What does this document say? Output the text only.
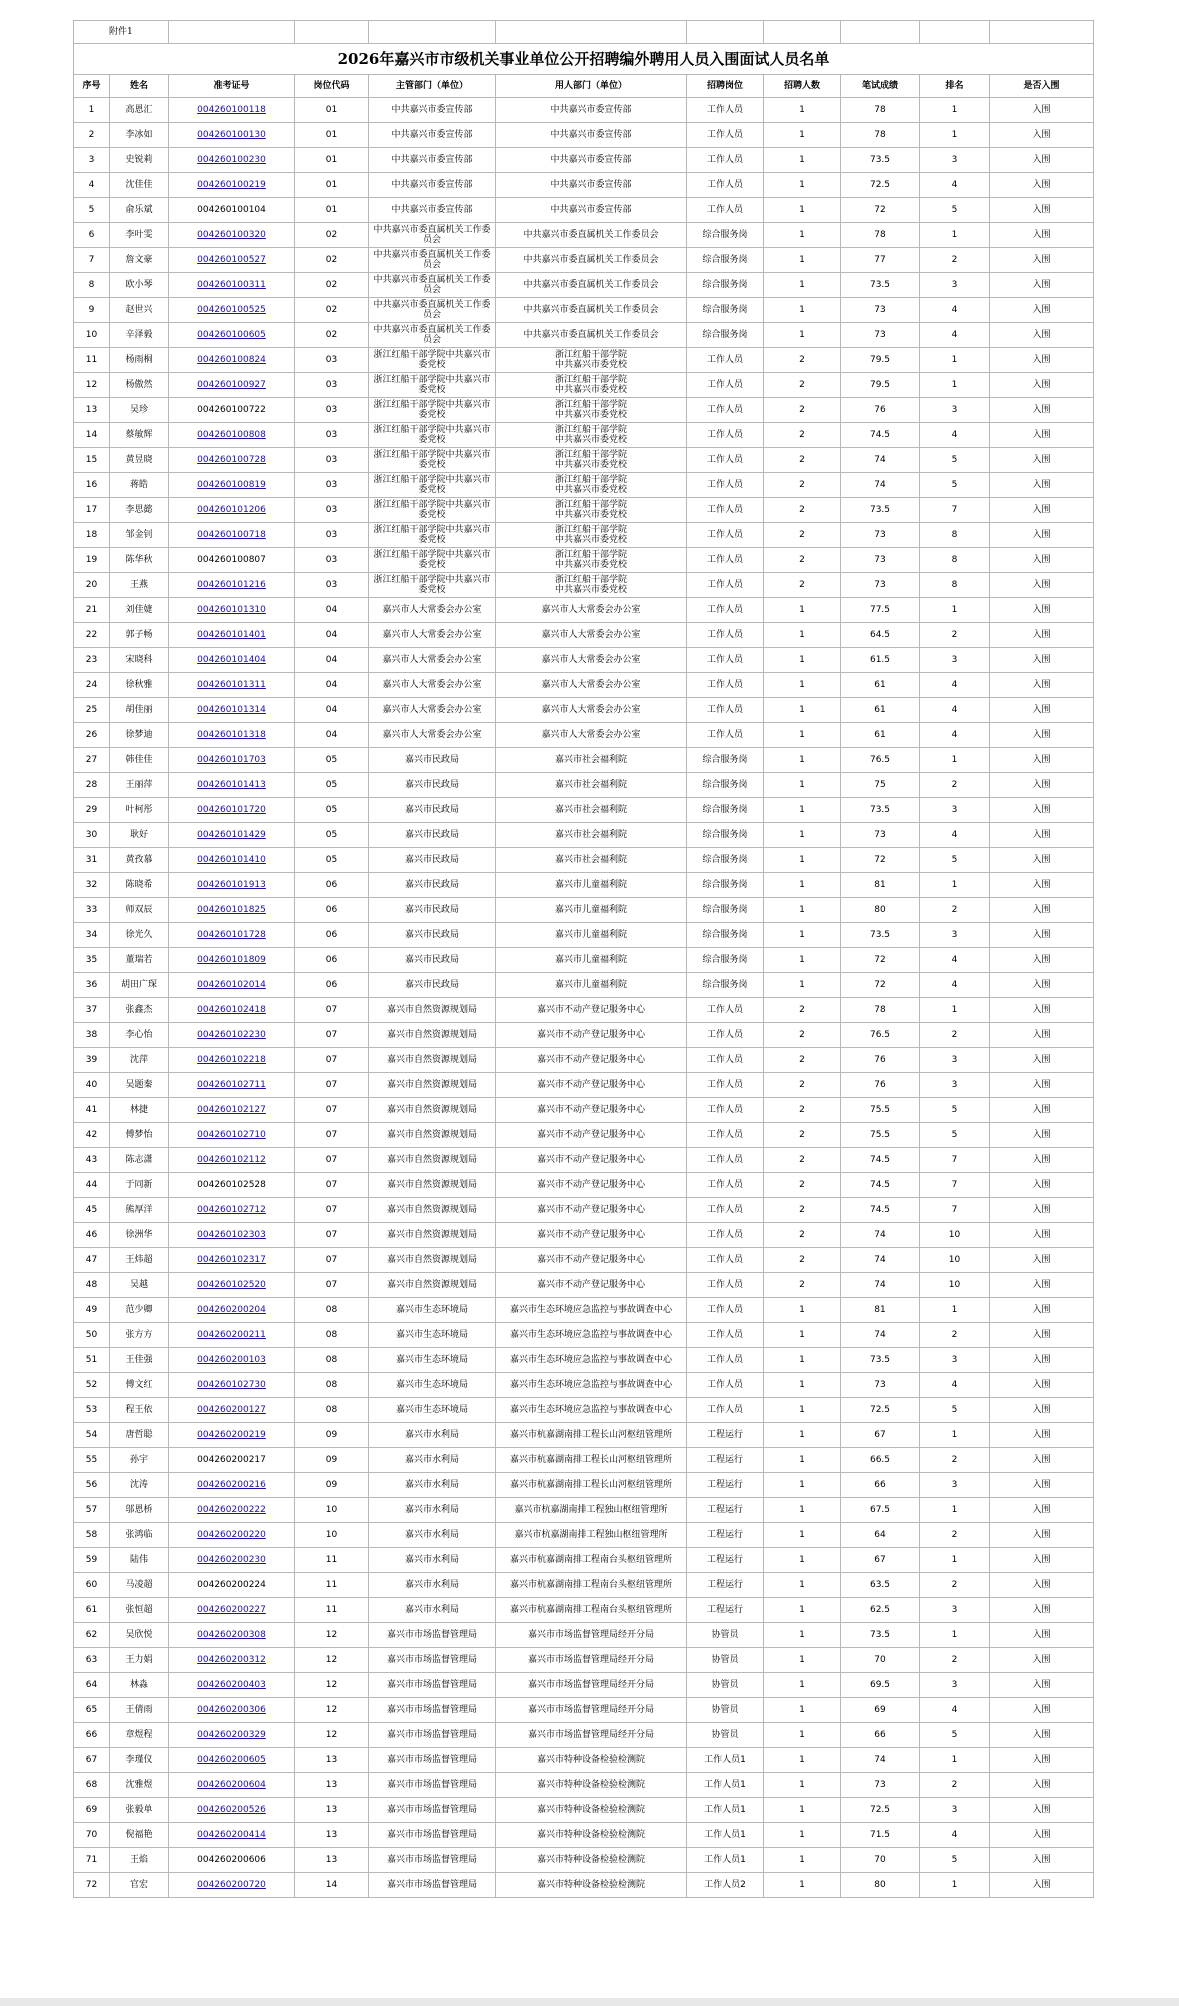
附件1										
2026年嘉兴市市级机关事业单位公开招聘编外聘用人员入围面试人员名单										
序号	姓名	准考证号	岗位代码	主管部门（单位）	用人部门（单位）	招聘岗位	招聘人数	笔试成绩	排名	是否入围
1	高恩汇	004260100118	01	中共嘉兴市委宣传部	中共嘉兴市委宣传部	工作人员	1	78	1	入围
2	李冰如	004260100130	01	中共嘉兴市委宣传部	中共嘉兴市委宣传部	工作人员	1	78	1	入围
3	史锐莉	004260100230	01	中共嘉兴市委宣传部	中共嘉兴市委宣传部	工作人员	1	73.5	3	入围
4	沈佳佳	004260100219	01	中共嘉兴市委宣传部	中共嘉兴市委宣传部	工作人员	1	72.5	4	入围
5	俞乐斌	004260100104	01	中共嘉兴市委宣传部	中共嘉兴市委宣传部	工作人员	1	72	5	入围
6	李叶雯	004260100320	02	中共嘉兴市委直属机关工作委员会	中共嘉兴市委直属机关工作委员会	综合服务岗	1	78	1	入围
7	詹文豪	004260100527	02	中共嘉兴市委直属机关工作委员会	中共嘉兴市委直属机关工作委员会	综合服务岗	1	77	2	入围
8	欧小琴	004260100311	02	中共嘉兴市委直属机关工作委员会	中共嘉兴市委直属机关工作委员会	综合服务岗	1	73.5	3	入围
9	赵世兴	004260100525	02	中共嘉兴市委直属机关工作委员会	中共嘉兴市委直属机关工作委员会	综合服务岗	1	73	4	入围
10	辛泽毅	004260100605	02	中共嘉兴市委直属机关工作委员会	中共嘉兴市委直属机关工作委员会	综合服务岗	1	73	4	入围
11	杨雨桐	004260100824	03	浙江红船干部学院中共嘉兴市委党校	浙江红船干部学院
中共嘉兴市委党校	工作人员	2	79.5	1	入围
12	杨傲然	004260100927	03	浙江红船干部学院中共嘉兴市委党校	浙江红船干部学院
中共嘉兴市委党校	工作人员	2	79.5	1	入围
13	吴珍	004260100722	03	浙江红船干部学院中共嘉兴市委党校	浙江红船干部学院
中共嘉兴市委党校	工作人员	2	76	3	入围
14	蔡敏辉	004260100808	03	浙江红船干部学院中共嘉兴市委党校	浙江红船干部学院
中共嘉兴市委党校	工作人员	2	74.5	4	入围
15	黄昱晓	004260100728	03	浙江红船干部学院中共嘉兴市委党校	浙江红船干部学院
中共嘉兴市委党校	工作人员	2	74	5	入围
16	蒋皓	004260100819	03	浙江红船干部学院中共嘉兴市委党校	浙江红船干部学院
中共嘉兴市委党校	工作人员	2	74	5	入围
17	李思懿	004260101206	03	浙江红船干部学院中共嘉兴市委党校	浙江红船干部学院
中共嘉兴市委党校	工作人员	2	73.5	7	入围
18	邹金钊	004260100718	03	浙江红船干部学院中共嘉兴市委党校	浙江红船干部学院
中共嘉兴市委党校	工作人员	2	73	8	入围
19	陈华秋	004260100807	03	浙江红船干部学院中共嘉兴市委党校	浙江红船干部学院
中共嘉兴市委党校	工作人员	2	73	8	入围
20	王燕	004260101216	03	浙江红船干部学院中共嘉兴市委党校	浙江红船干部学院
中共嘉兴市委党校	工作人员	2	73	8	入围
21	刘佳婕	004260101310	04	嘉兴市人大常委会办公室	嘉兴市人大常委会办公室	工作人员	1	77.5	1	入围
22	郭子畅	004260101401	04	嘉兴市人大常委会办公室	嘉兴市人大常委会办公室	工作人员	1	64.5	2	入围
23	宋晓科	004260101404	04	嘉兴市人大常委会办公室	嘉兴市人大常委会办公室	工作人员	1	61.5	3	入围
24	徐秋雅	004260101311	04	嘉兴市人大常委会办公室	嘉兴市人大常委会办公室	工作人员	1	61	4	入围
25	胡佳丽	004260101314	04	嘉兴市人大常委会办公室	嘉兴市人大常委会办公室	工作人员	1	61	4	入围
26	徐梦迪	004260101318	04	嘉兴市人大常委会办公室	嘉兴市人大常委会办公室	工作人员	1	61	4	入围
27	韩佳佳	004260101703	05	嘉兴市民政局	嘉兴市社会福利院	综合服务岗	1	76.5	1	入围
28	王丽萍	004260101413	05	嘉兴市民政局	嘉兴市社会福利院	综合服务岗	1	75	2	入围
29	叶柯彤	004260101720	05	嘉兴市民政局	嘉兴市社会福利院	综合服务岗	1	73.5	3	入围
30	耿好	004260101429	05	嘉兴市民政局	嘉兴市社会福利院	综合服务岗	1	73	4	入围
31	黄孜慕	004260101410	05	嘉兴市民政局	嘉兴市社会福利院	综合服务岗	1	72	5	入围
32	陈晓希	004260101913	06	嘉兴市民政局	嘉兴市儿童福利院	综合服务岗	1	81	1	入围
33	师双辰	004260101825	06	嘉兴市民政局	嘉兴市儿童福利院	综合服务岗	1	80	2	入围
34	徐光久	004260101728	06	嘉兴市民政局	嘉兴市儿童福利院	综合服务岗	1	73.5	3	入围
35	董瑞若	004260101809	06	嘉兴市民政局	嘉兴市儿童福利院	综合服务岗	1	72	4	入围
36	胡田广琛	004260102014	06	嘉兴市民政局	嘉兴市儿童福利院	综合服务岗	1	72	4	入围
37	张鑫杰	004260102418	07	嘉兴市自然资源规划局	嘉兴市不动产登记服务中心	工作人员	2	78	1	入围
38	李心怡	004260102230	07	嘉兴市自然资源规划局	嘉兴市不动产登记服务中心	工作人员	2	76.5	2	入围
39	沈萍	004260102218	07	嘉兴市自然资源规划局	嘉兴市不动产登记服务中心	工作人员	2	76	3	入围
40	吴题秦	004260102711	07	嘉兴市自然资源规划局	嘉兴市不动产登记服务中心	工作人员	2	76	3	入围
41	林捷	004260102127	07	嘉兴市自然资源规划局	嘉兴市不动产登记服务中心	工作人员	2	75.5	5	入围
42	傅梦怡	004260102710	07	嘉兴市自然资源规划局	嘉兴市不动产登记服务中心	工作人员	2	75.5	5	入围
43	陈志潇	004260102112	07	嘉兴市自然资源规划局	嘉兴市不动产登记服务中心	工作人员	2	74.5	7	入围
44	于同新	004260102528	07	嘉兴市自然资源规划局	嘉兴市不动产登记服务中心	工作人员	2	74.5	7	入围
45	熊厚洋	004260102712	07	嘉兴市自然资源规划局	嘉兴市不动产登记服务中心	工作人员	2	74.5	7	入围
46	徐洲华	004260102303	07	嘉兴市自然资源规划局	嘉兴市不动产登记服务中心	工作人员	2	74	10	入围
47	王炜超	004260102317	07	嘉兴市自然资源规划局	嘉兴市不动产登记服务中心	工作人员	2	74	10	入围
48	吴越	004260102520	07	嘉兴市自然资源规划局	嘉兴市不动产登记服务中心	工作人员	2	74	10	入围
49	范少卿	004260200204	08	嘉兴市生态环境局	嘉兴市生态环境应急监控与事故调查中心	工作人员	1	81	1	入围
50	张方方	004260200211	08	嘉兴市生态环境局	嘉兴市生态环境应急监控与事故调查中心	工作人员	1	74	2	入围
51	王佳强	004260200103	08	嘉兴市生态环境局	嘉兴市生态环境应急监控与事故调查中心	工作人员	1	73.5	3	入围
52	傅文红	004260102730	08	嘉兴市生态环境局	嘉兴市生态环境应急监控与事故调查中心	工作人员	1	73	4	入围
53	程王依	004260200127	08	嘉兴市生态环境局	嘉兴市生态环境应急监控与事故调查中心	工作人员	1	72.5	5	入围
54	唐哲聪	004260200219	09	嘉兴市水利局	嘉兴市杭嘉湖南排工程长山河枢纽管理所	工程运行	1	67	1	入围
55	孙宇	004260200217	09	嘉兴市水利局	嘉兴市杭嘉湖南排工程长山河枢纽管理所	工程运行	1	66.5	2	入围
56	沈涛	004260200216	09	嘉兴市水利局	嘉兴市杭嘉湖南排工程长山河枢纽管理所	工程运行	1	66	3	入围
57	邬恩桥	004260200222	10	嘉兴市水利局	嘉兴市杭嘉湖南排工程独山枢纽管理所	工程运行	1	67.5	1	入围
58	张鸿临	004260200220	10	嘉兴市水利局	嘉兴市杭嘉湖南排工程独山枢纽管理所	工程运行	1	64	2	入围
59	陆伟	004260200230	11	嘉兴市水利局	嘉兴市杭嘉湖南排工程南台头枢纽管理所	工程运行	1	67	1	入围
60	马凌超	004260200224	11	嘉兴市水利局	嘉兴市杭嘉湖南排工程南台头枢纽管理所	工程运行	1	63.5	2	入围
61	张恒超	004260200227	11	嘉兴市水利局	嘉兴市杭嘉湖南排工程南台头枢纽管理所	工程运行	1	62.5	3	入围
62	吴欣悦	004260200308	12	嘉兴市市场监督管理局	嘉兴市市场监督管理局经开分局	协管员	1	73.5	1	入围
63	王力娟	004260200312	12	嘉兴市市场监督管理局	嘉兴市市场监督管理局经开分局	协管员	1	70	2	入围
64	林淼	004260200403	12	嘉兴市市场监督管理局	嘉兴市市场监督管理局经开分局	协管员	1	69.5	3	入围
65	王倩雨	004260200306	12	嘉兴市市场监督管理局	嘉兴市市场监督管理局经开分局	协管员	1	69	4	入围
66	章煜程	004260200329	12	嘉兴市市场监督管理局	嘉兴市市场监督管理局经开分局	协管员	1	66	5	入围
67	李瑾仪	004260200605	13	嘉兴市市场监督管理局	嘉兴市特种设备检验检测院	工作人员1	1	74	1	入围
68	沈雅煜	004260200604	13	嘉兴市市场监督管理局	嘉兴市特种设备检验检测院	工作人员1	1	73	2	入围
69	张毅单	004260200526	13	嘉兴市市场监督管理局	嘉兴市特种设备检验检测院	工作人员1	1	72.5	3	入围
70	倪福艳	004260200414	13	嘉兴市市场监督管理局	嘉兴市特种设备检验检测院	工作人员1	1	71.5	4	入围
71	王焰	004260200606	13	嘉兴市市场监督管理局	嘉兴市特种设备检验检测院	工作人员1	1	70	5	入围
72	官宏	004260200720	14	嘉兴市市场监督管理局	嘉兴市特种设备检验检测院	工作人员2	1	80	1	入围
